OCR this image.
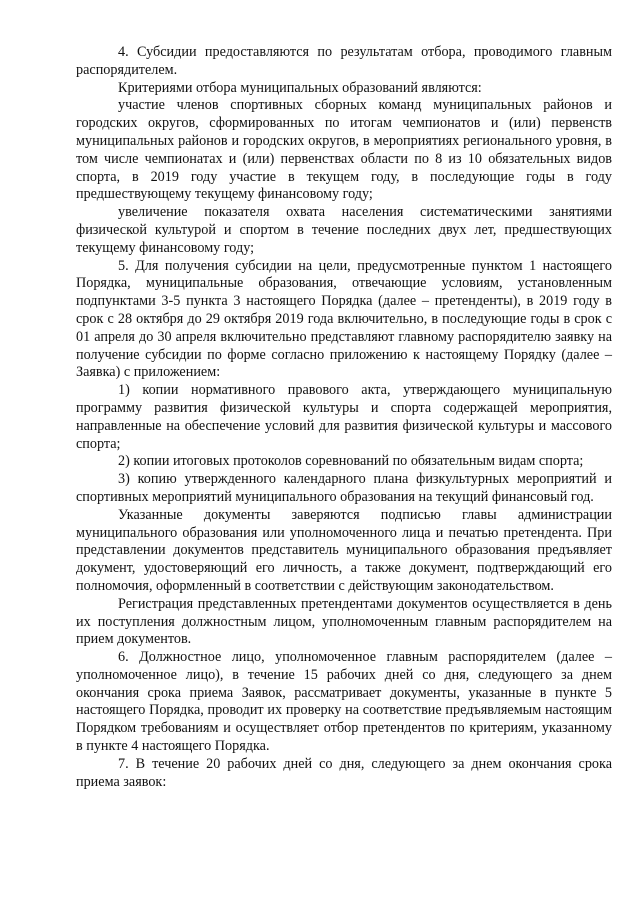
4. Субсидии предоставляются по результатам отбора, проводимого главным распорядителем.

Критериями отбора муниципальных образований являются:

участие членов спортивных сборных команд муниципальных районов и городских округов, сформированных по итогам чемпионатов и (или) первенств муниципальных районов и городских округов, в мероприятиях регионального уровня, в том числе чемпионатах и (или) первенствах области по 8 из 10 обязательных видов спорта, в 2019 году участие в текущем году, в последующие годы в году предшествующему текущему финансовому году;

увеличение показателя охвата населения систематическими занятиями физической культурой и спортом в течение последних двух лет, предшествующих текущему финансовому году;

5. Для получения субсидии на цели, предусмотренные пунктом 1 настоящего Порядка, муниципальные образования, отвечающие условиям, установленным подпунктами 3-5 пункта 3 настоящего Порядка (далее – претенденты), в 2019 году в срок с 28 октября до 29 октября 2019 года включительно, в последующие годы в срок с 01 апреля до 30 апреля включительно представляют главному распорядителю заявку на получение субсидии по форме согласно приложению к настоящему Порядку (далее – Заявка) с приложением:

1) копии нормативного правового акта, утверждающего муниципальную программу развития физической культуры и спорта содержащей мероприятия, направленные на обеспечение условий для развития физической культуры и массового спорта;

2) копии итоговых протоколов соревнований по обязательным видам спорта;

3) копию утвержденного календарного плана физкультурных мероприятий и спортивных мероприятий муниципального образования на текущий финансовый год.

Указанные документы заверяются подписью главы администрации муниципального образования или уполномоченного лица и печатью претендента. При представлении документов представитель муниципального образования предъявляет документ, удостоверяющий его личность, а также документ, подтверждающий его полномочия, оформленный в соответствии с действующим законодательством.

Регистрация представленных претендентами документов осуществляется в день их поступления должностным лицом, уполномоченным главным распорядителем на прием документов.

6. Должностное лицо, уполномоченное главным распорядителем (далее – уполномоченное лицо), в течение 15 рабочих дней со дня, следующего за днем окончания срока приема Заявок, рассматривает документы, указанные в пункте 5 настоящего Порядка, проводит их проверку на соответствие предъявляемым настоящим Порядком требованиям и осуществляет отбор претендентов по критериям, указанному в пункте 4 настоящего Порядка.

7. В течение 20 рабочих дней со дня, следующего за днем окончания срока приема заявок:
